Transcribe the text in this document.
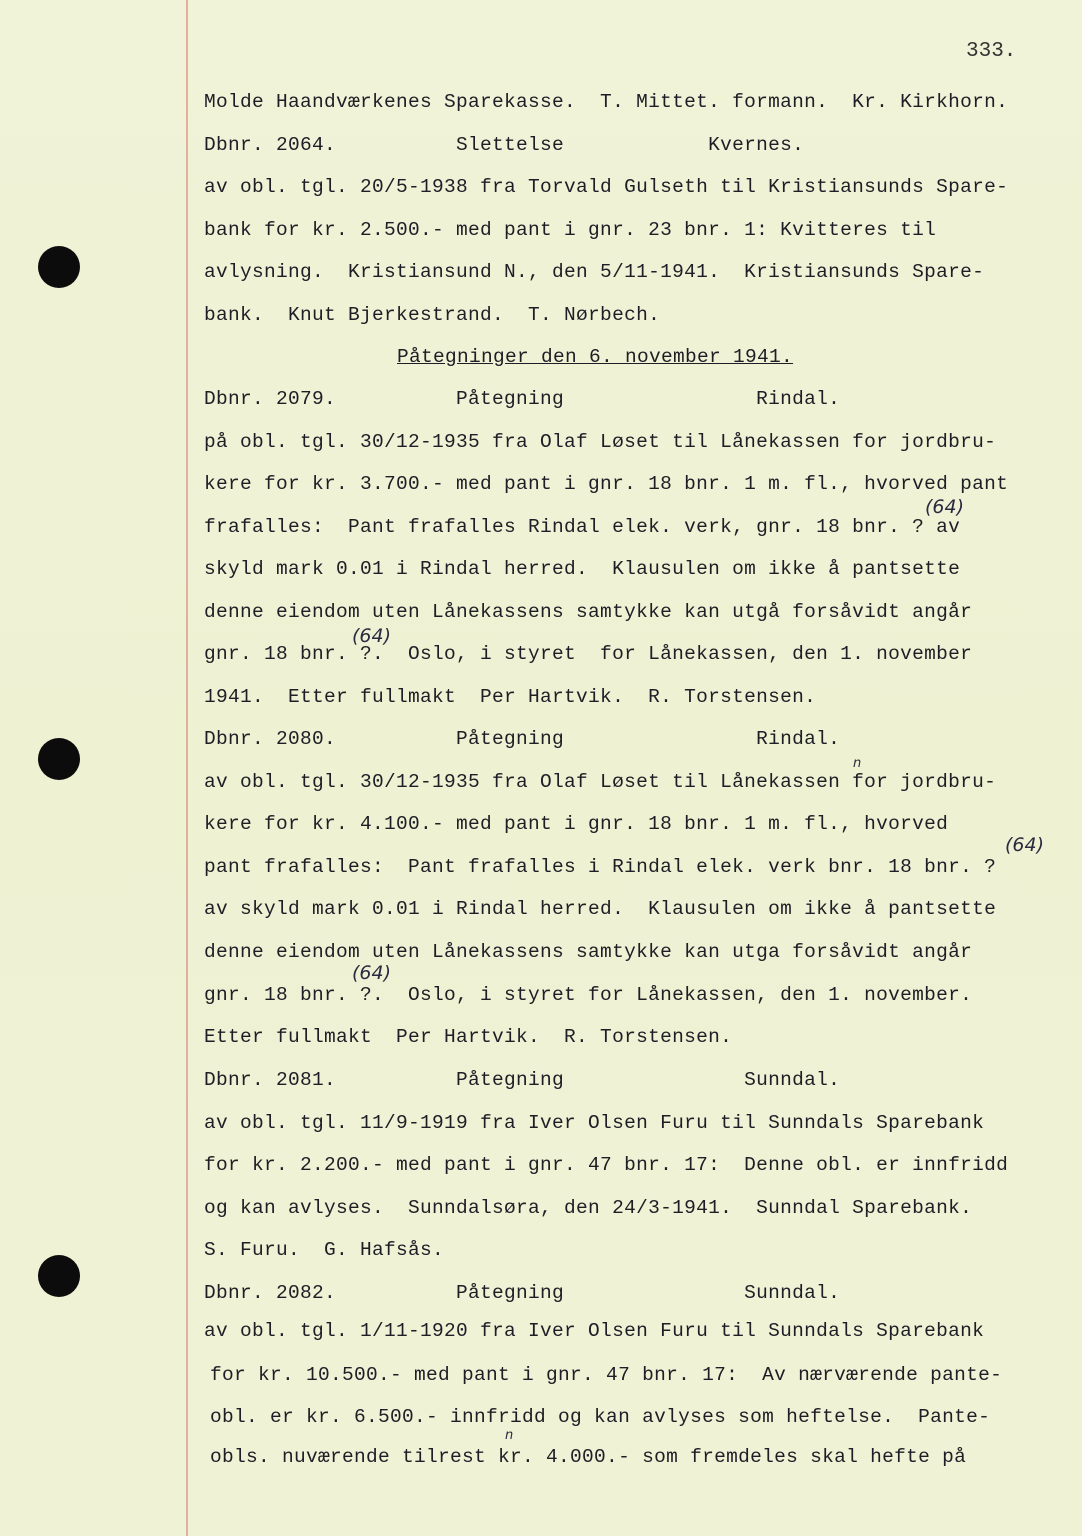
333.
Molde Haandværkenes Sparekasse.  T. Mittet. formann.  Kr. Kirkhorn.
Dbnr. 2064.          Slettelse            Kvernes.
av obl. tgl. 20/5-1938 fra Torvald Gulseth til Kristiansunds Spare-
bank for kr. 2.500.- med pant i gnr. 23 bnr. 1: Kvitteres til
avlysning.  Kristiansund N., den 5/11-1941.  Kristiansunds Spare-
bank.  Knut Bjerkestrand.  T. Nørbech.
Påtegninger den 6. november 1941.
Dbnr. 2079.          Påtegning                Rindal.
på obl. tgl. 30/12-1935 fra Olaf Løset til Lånekassen for jordbru-
kere for kr. 3.700.- med pant i gnr. 18 bnr. 1 m. fl., hvorved pant
frafalles:  Pant frafalles Rindal elek. verk, gnr. 18 bnr. ? av
skyld mark 0.01 i Rindal herred.  Klausulen om ikke å pantsette
denne eiendom uten Lånekassens samtykke kan utgå forsåvidt angår
gnr. 18 bnr. ?.  Oslo, i styret  for Lånekassen, den 1. november
1941.  Etter fullmakt  Per Hartvik.  R. Torstensen.
Dbnr. 2080.          Påtegning                Rindal.
av obl. tgl. 30/12-1935 fra Olaf Løset til Lånekassen for jordbru-
kere for kr. 4.100.- med pant i gnr. 18 bnr. 1 m. fl., hvorved
pant frafalles:  Pant frafalles i Rindal elek. verk bnr. 18 bnr. ?
av skyld mark 0.01 i Rindal herred.  Klausulen om ikke å pantsette
denne eiendom uten Lånekassens samtykke kan utga forsåvidt angår
gnr. 18 bnr. ?.  Oslo, i styret for Lånekassen, den 1. november.
Etter fullmakt  Per Hartvik.  R. Torstensen.
Dbnr. 2081.          Påtegning               Sunndal.
av obl. tgl. 11/9-1919 fra Iver Olsen Furu til Sunndals Sparebank
for kr. 2.200.- med pant i gnr. 47 bnr. 17:  Denne obl. er innfridd
og kan avlyses.  Sunndalsøra, den 24/3-1941.  Sunndal Sparebank.
S. Furu.  G. Hafsås.
Dbnr. 2082.          Påtegning               Sunndal.
av obl. tgl. 1/11-1920 fra Iver Olsen Furu til Sunndals Sparebank
for kr. 10.500.- med pant i gnr. 47 bnr. 17:  Av nærværende pante-
obl. er kr. 6.500.- innfridd og kan avlyses som heftelse.  Pante-
obls. nuværende tilrest kr. 4.000.- som fremdeles skal hefte på
(64)
(64)
(64)
(64)
n
n
